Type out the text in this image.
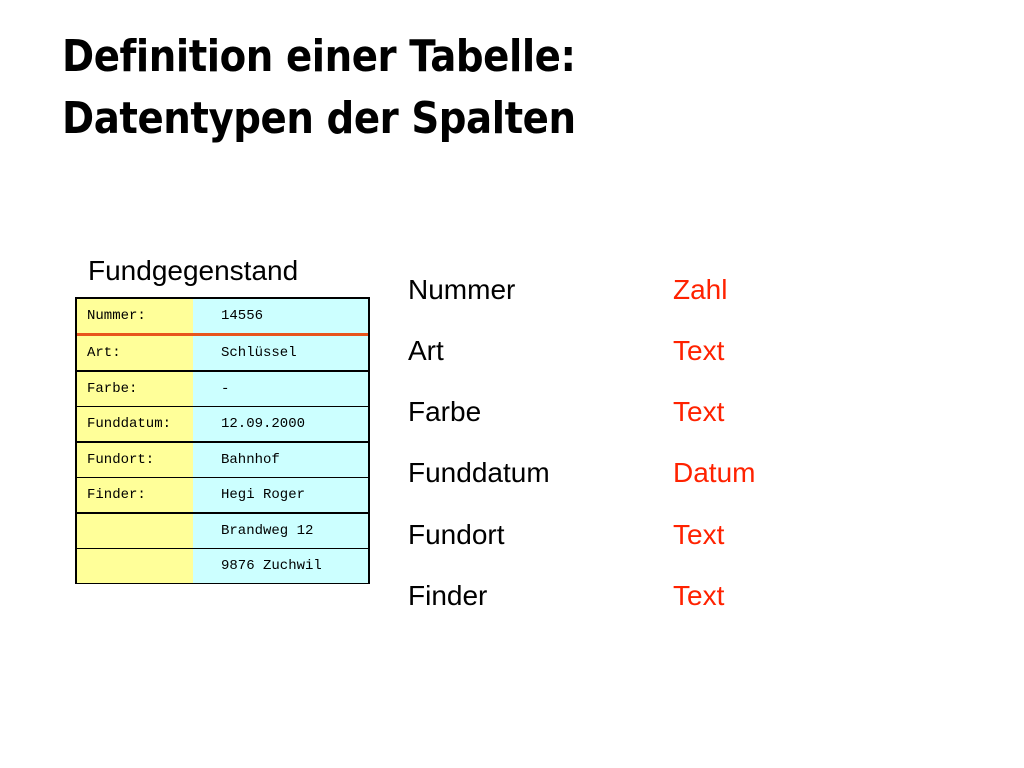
Definition einer Tabelle:
Datentypen der Spalten
Fundgegenstand
Nummer:	14556
Art:	Schlüssel
Farbe:	-
Funddatum:	12.09.2000
Fundort:	Bahnhof
Finder:	Hegi Roger
Brandweg 12
9876 Zuchwil
Nummer	Zahl
Art	Text
Farbe	Text
Funddatum	Datum
Fundort	Text
Finder	Text
